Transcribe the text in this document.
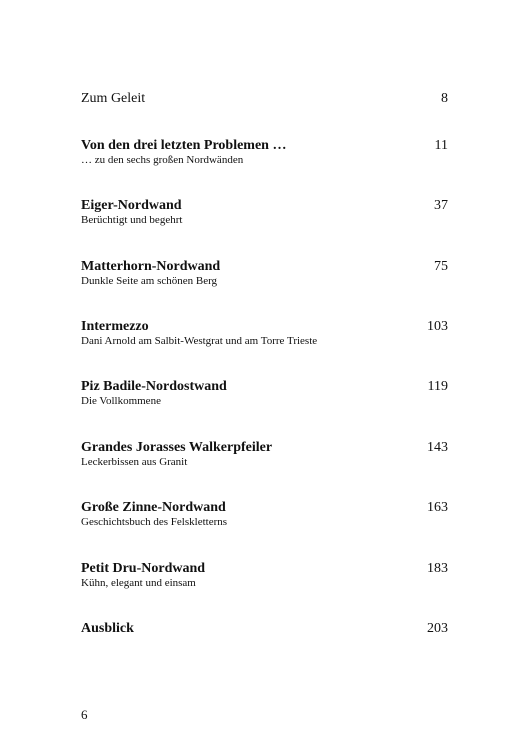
Zum Geleit	8
Von den drei letzten Problemen …	11
… zu den sechs großen Nordwänden
Eiger-Nordwand	37
Berüchtigt und begehrt
Matterhorn-Nordwand	75
Dunkle Seite am schönen Berg
Intermezzo	103
Dani Arnold am Salbit-Westgrat und am Torre Trieste
Piz Badile-Nordostwand	119
Die Vollkommene
Grandes Jorasses Walkerpfeiler	143
Leckerbissen aus Granit
Große Zinne-Nordwand	163
Geschichtsbuch des Felskletterns
Petit Dru-Nordwand	183
Kühn, elegant und einsam
Ausblick	203
6
